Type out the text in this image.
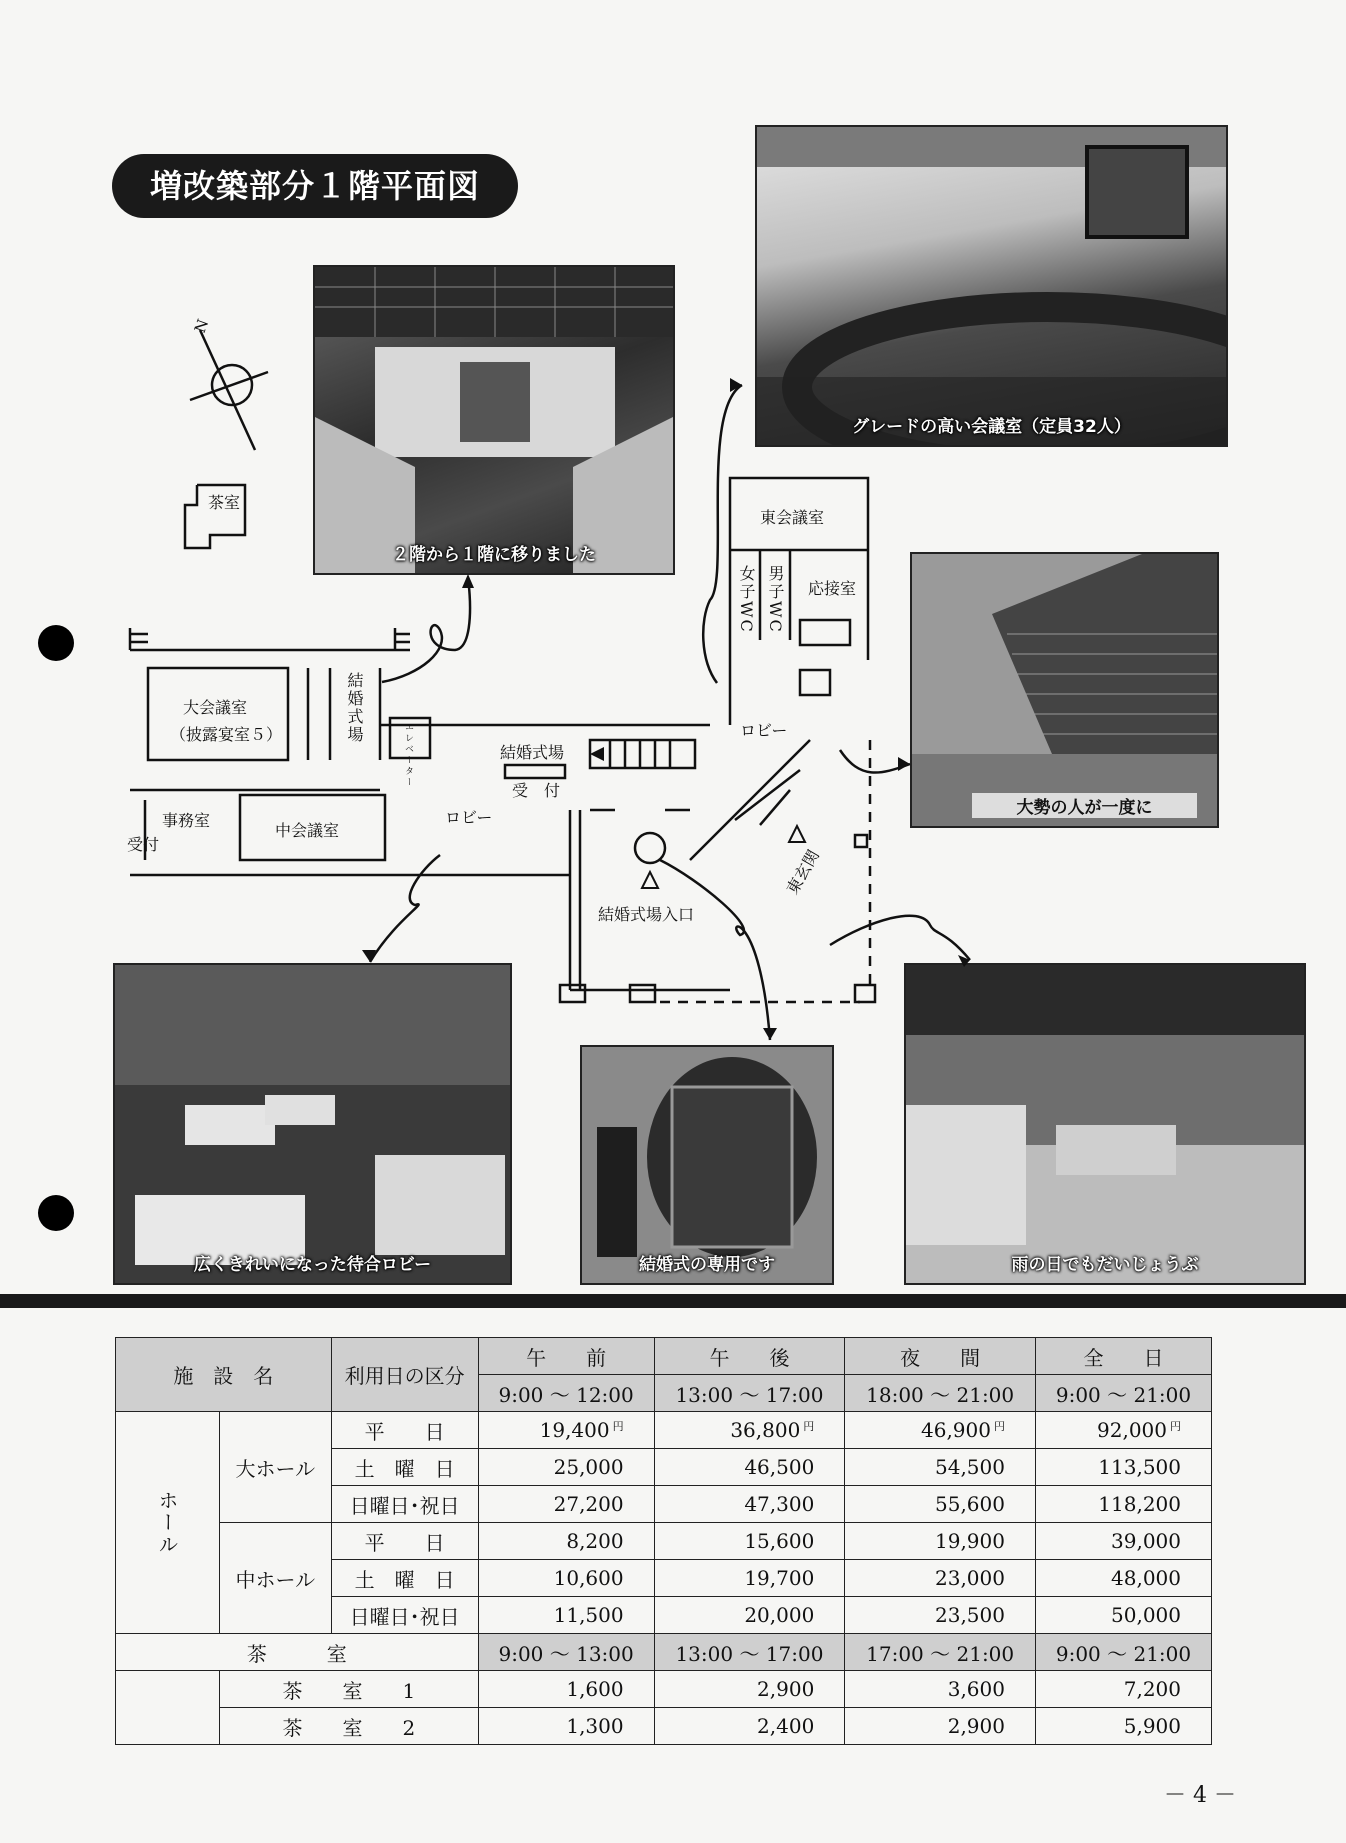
増改築部分１階平面図
２階から１階に移りました
グレードの高い会議室（定員32人）
大勢の人が一度に
広くきれいになった待合ロビー	結婚式の専用です	雨の日でもだいじょうぶ
N
茶室
東会議室
女子WC 男子WC 応接室
大会議室
（披露宴室５）	結婚式場
エレベーター	結婚式場
受　付
ロビー
ロビー
事務室
受付
中会議室
結婚式場入口
東玄関
施　設　名		利用日の区分	午　　前	午　　後	夜　　間	全　　日
			9:00 ～ 12:00	13:00 ～ 17:00	18:00 ～ 21:00	9:00 ～ 21:00
ホール	大ホール	平　　日	19,400 $^円$	36,800 $^円$	46,900 $^円$	92,000 $^円$
		土　曜　日	25,000	46,500	54,500	113,500
		日曜日･祝日	27,200	47,300	55,600	118,200
	中ホール	平　　日	8,200	15,600	19,900	39,000
		土　曜　日	10,600	19,700	23,000	48,000
		日曜日･祝日	11,500	20,000	23,500	50,000
茶　　　室			9:00 ～ 13:00	13:00 ～ 17:00	17:00 ～ 21:00	9:00 ～ 21:00
	茶　　室　　1		1,600	2,900	3,600	7,200
	茶　　室　　2		1,300	2,400	2,900	5,900
－ 4 －
